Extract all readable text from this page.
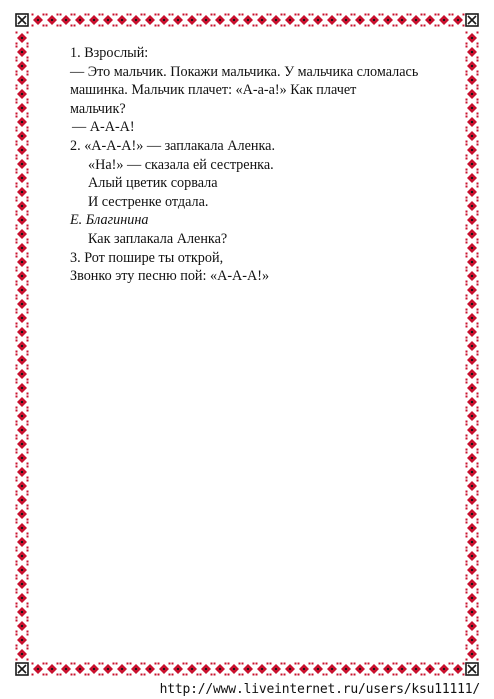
1. Взрослый:
— Это мальчик. Покажи мальчика. У мальчика сломалась
машинка. Мальчик плачет: «А-а-а!» Как плачет
мальчик?
— А-А-А!
2. «А-А-А!» — заплакала Аленка.
«На!» — сказала ей сестренка.
Алый цветик сорвала
И сестренке отдала.
Е. Благинина
Как заплакала Аленка?
3. Рот пошире ты открой,
Звонко эту песню пой: «А-А-А!»
http://www.liveinternet.ru/users/ksu11111/
